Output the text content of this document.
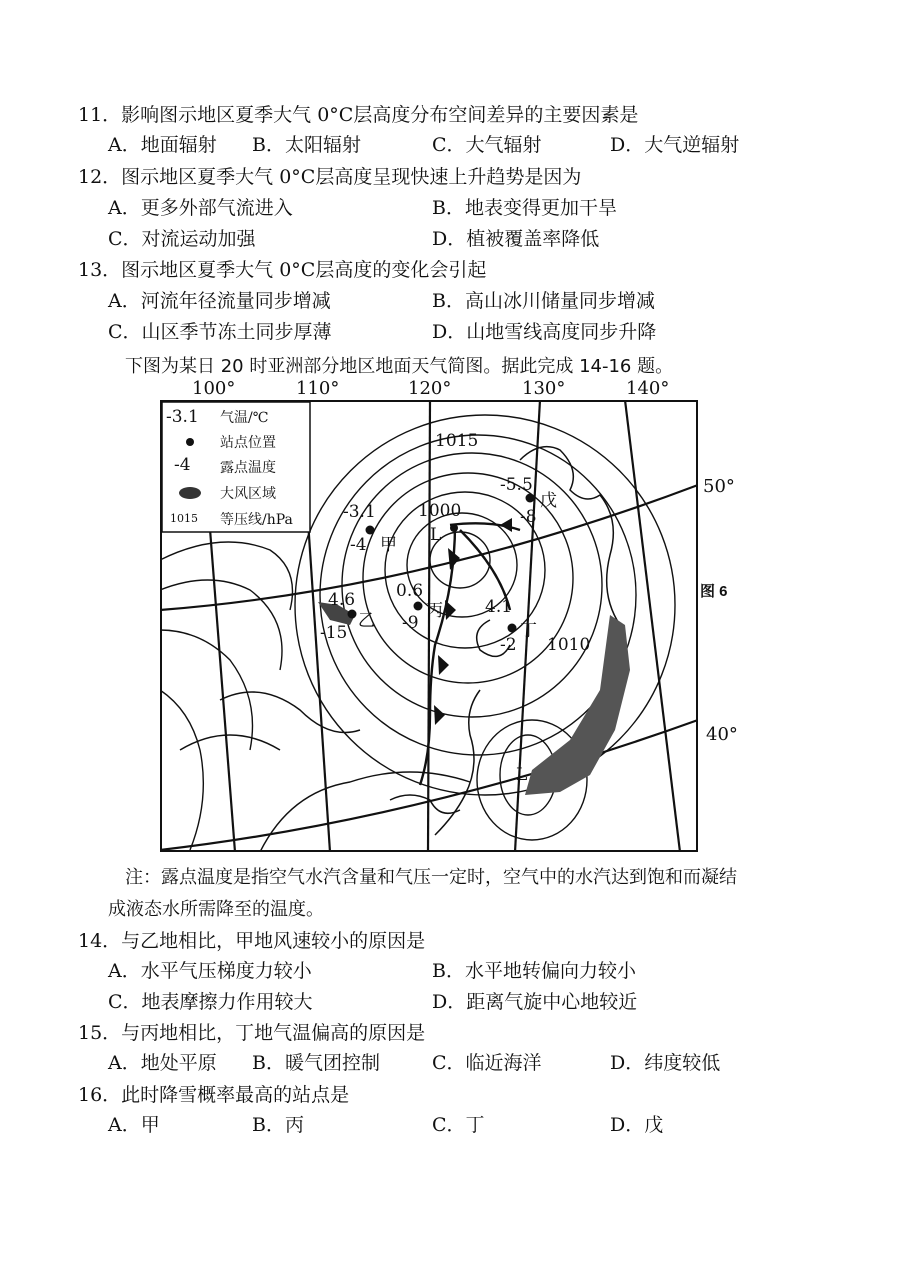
11．影响图示地区夏季大气 0°C层高度分布空间差异的主要因素是
A．地面辐射 B．太阳辐射	C．大气辐射	D．大气逆辐射
12．图示地区夏季大气 0°C层高度呈现快速上升趋势是因为
A．更多外部气流进入	B．地表变得更加干旱
C．对流运动加强	D．植被覆盖率降低
13．图示地区夏季大气 0°C层高度的变化会引起
A．河流年径流量同步增减	B．高山冰川储量同步增减
C．山区季节冻土同步厚薄	D．山地雪线高度同步升降
下图为某日 20 时亚洲部分地区地面天气简图。据此完成 14-16 题。
100°	110°	120°	130°	140°
50°
40°
图 6
-3.1 气温/℃
站点位置
-4 露点温度
大风区域
1015 等压线/hPa
1015
1000
1010
L
L
-3.1
-4 甲
4.6
-15
乙
0.6
-9
丙 4.1
-2
丁
-5.5
-8
戊
注：露点温度是指空气水汽含量和气压一定时，空气中的水汽达到饱和而凝结
成液态水所需降至的温度。
14．与乙地相比，甲地风速较小的原因是
A．水平气压梯度力较小	B．水平地转偏向力较小
C．地表摩擦力作用较大	D．距离气旋中心地较近
15．与丙地相比，丁地气温偏高的原因是
A．地处平原 B．暖气团控制	C．临近海洋	D．纬度较低
16．此时降雪概率最高的站点是
A．甲	B．丙	C．丁	D．戊
